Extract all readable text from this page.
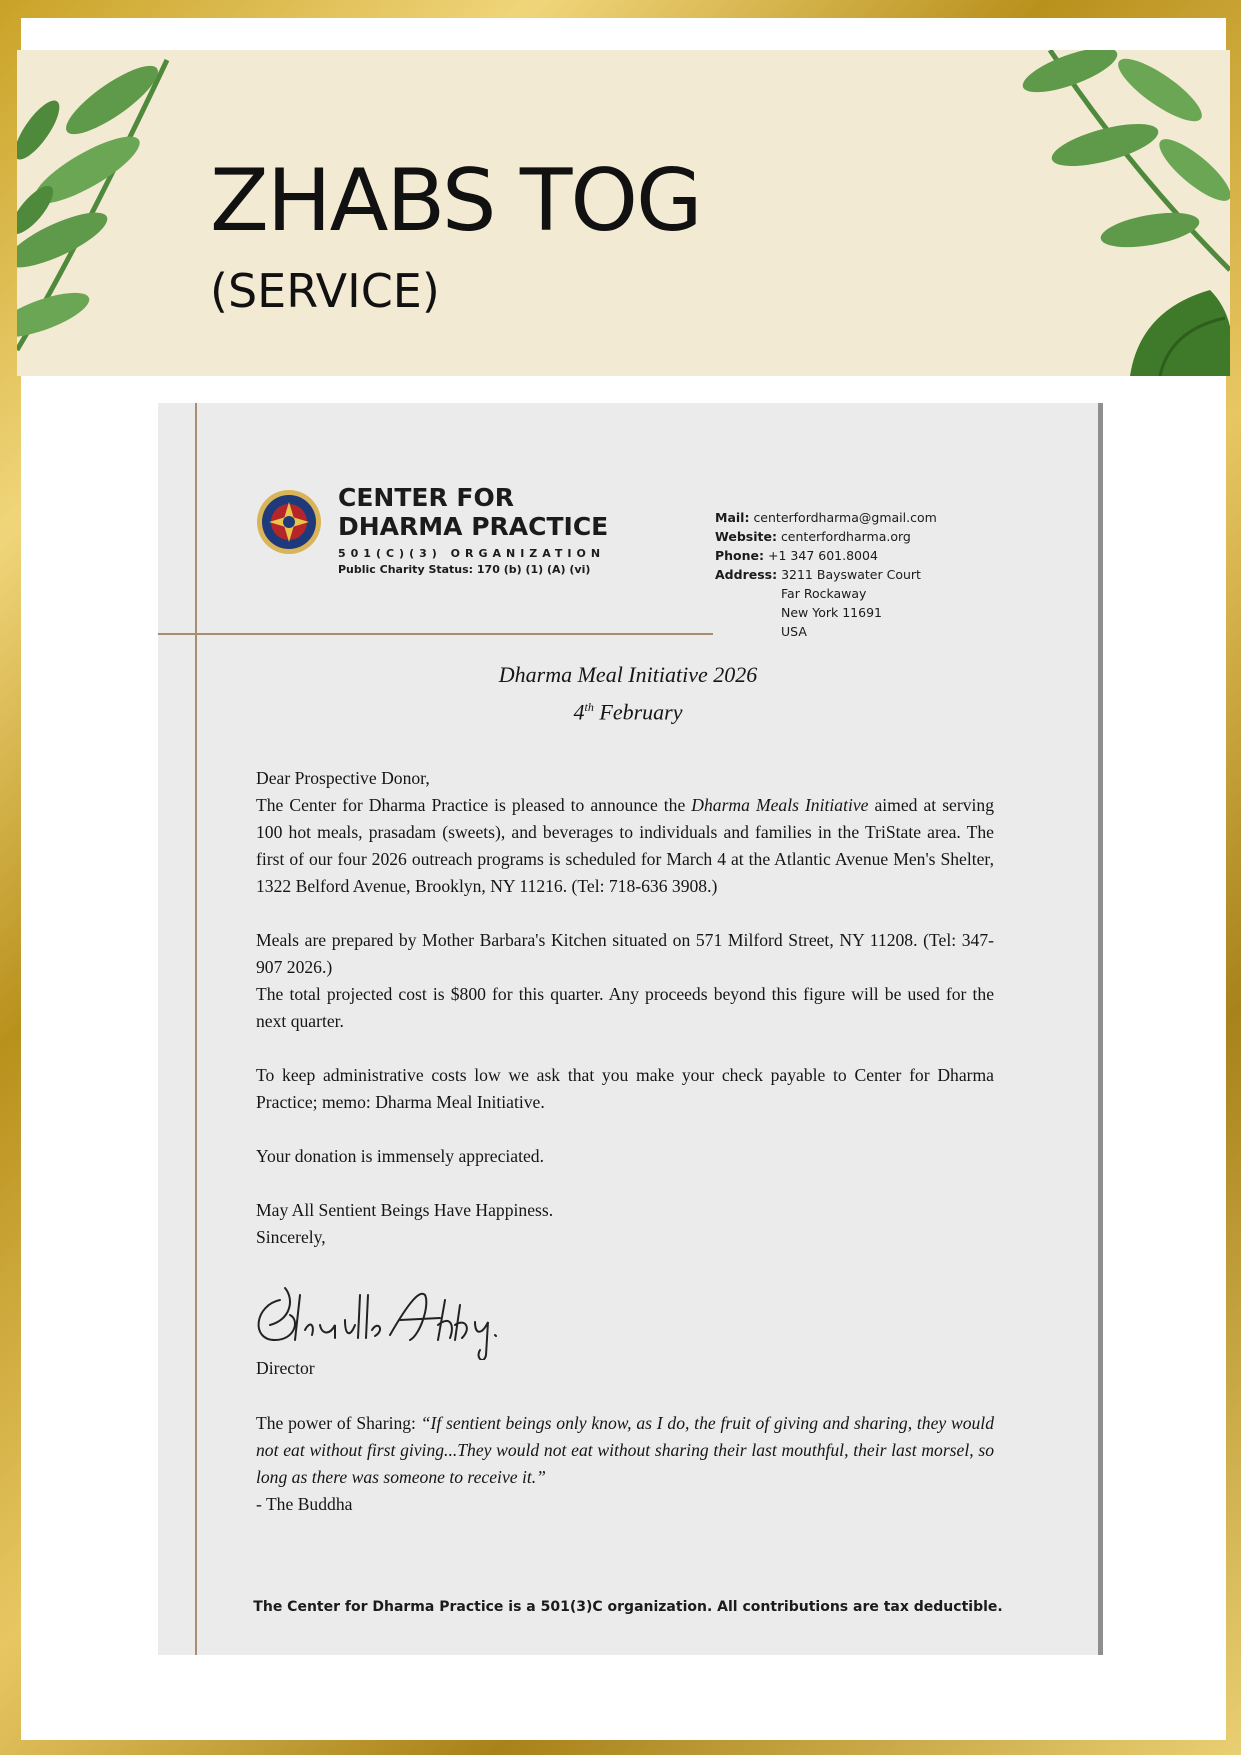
ZHABS TOG
(SERVICE)
CENTER FOR
DHARMA PRACTICE
501(C)(3) ORGANIZATION
Public Charity Status: 170 (b) (1) (A) (vi)
Mail: centerfordharma@gmail.com
Website: centerfordharma.org
Phone: +1 347 601.8004
Address: 3211 Bayswater Court
Far Rockaway
New York 11691
USA
Dharma Meal Initiative 2026
4th February

Dear Prospective Donor,

The Center for Dharma Practice is pleased to announce the Dharma Meals Initiative aimed at serving 100 hot meals, prasadam (sweets), and beverages to individuals and families in the TriState area. The first of our four 2026 outreach programs is scheduled for March 4 at the Atlantic Avenue Men's Shelter, 1322 Belford Avenue, Brooklyn, NY 11216. (Tel: 718-636 3908.)

Meals are prepared by Mother Barbara's Kitchen situated on 571 Milford Street, NY 11208. (Tel: 347- 907 2026.)

The total projected cost is $800 for this quarter. Any proceeds beyond this figure will be used for the next quarter.

To keep administrative costs low we ask that you make your check payable to Center for Dharma Practice; memo: Dharma Meal Initiative.

Your donation is immensely appreciated.

May All Sentient Beings Have Happiness.

Sincerely,

Director
The power of Sharing: “If sentient beings only know, as I do, the fruit of giving and sharing, they would not eat without first giving...They would not eat without sharing their last mouthful, their last morsel, so long as there was someone to receive it.”
- The Buddha
The Center for Dharma Practice is a 501(3)C organization. All contributions are tax deductible.
